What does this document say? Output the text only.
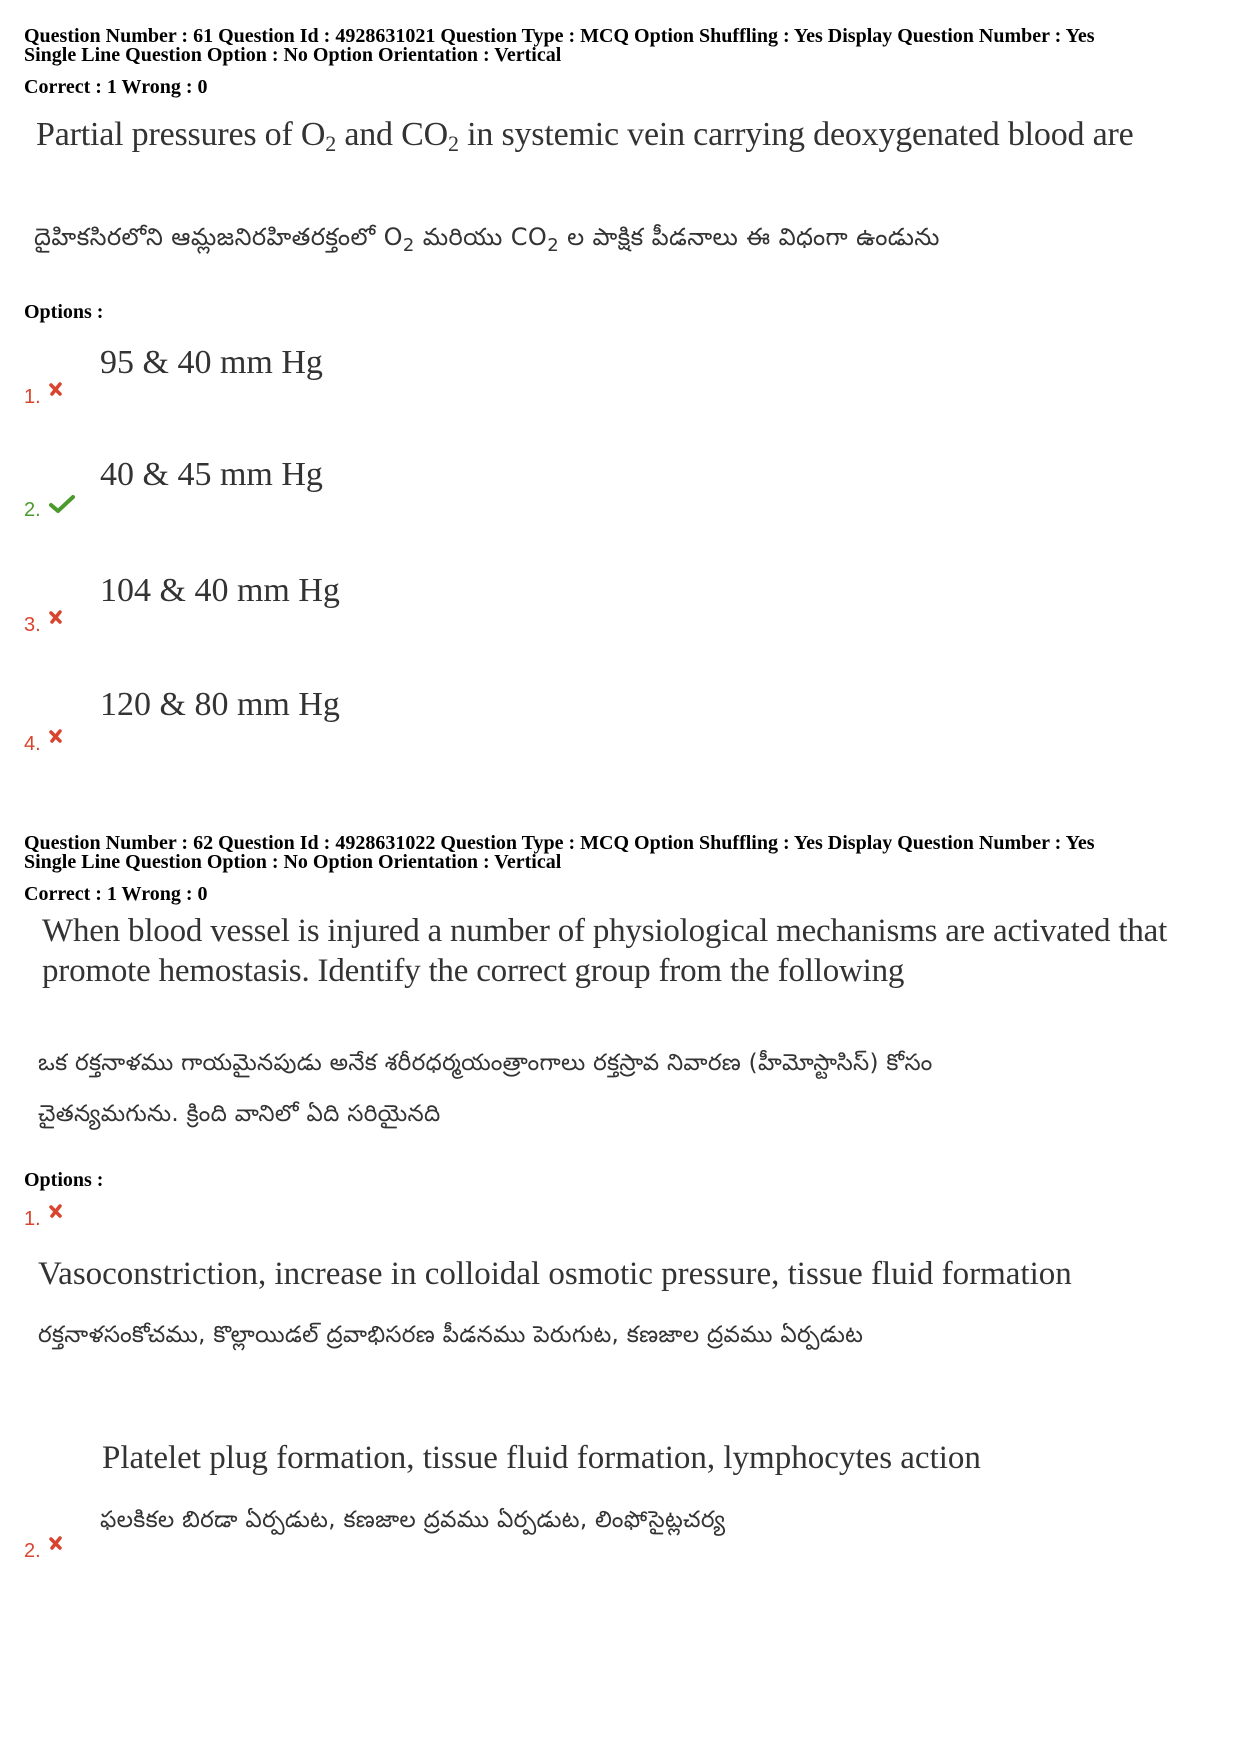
Question Number : 61 Question Id : 4928631021 Question Type : MCQ Option Shuffling : Yes Display Question Number : Yes
Single Line Question Option : No Option Orientation : Vertical
Correct : 1 Wrong : 0
Partial pressures of $O_2$ and $CO_2$ in systemic vein carrying deoxygenated blood are
దైహికసిరలోని ఆమ్లజనిరహితరక్తంలో $O_2$ మరియు $CO_2$ ల పాక్షిక పీడనాలు ఈ విధంగా ఉండును
Options :
95 & 40 mm Hg
1.
40 & 45 mm Hg
2.
104 & 40 mm Hg
3.
120 & 80 mm Hg
4.
Question Number : 62 Question Id : 4928631022 Question Type : MCQ Option Shuffling : Yes Display Question Number : Yes
Single Line Question Option : No Option Orientation : Vertical
Correct : 1 Wrong : 0
When blood vessel is injured a number of physiological mechanisms are activated that
promote hemostasis. Identify the correct group from the following
ఒక రక్తనాళము గాయమైనపుడు అనేక శరీరధర్మయంత్రాంగాలు రక్తస్రావ నివారణ (హీమోస్టాసిస్) కోసం
చైతన్యమగును. క్రింది వానిలో ఏది సరియైనది
Options :
1.
Vasoconstriction, increase in colloidal osmotic pressure, tissue fluid formation
రక్తనాళసంకోచము, కొల్లాయిడల్ ద్రవాభిసరణ పీడనము పెరుగుట, కణజాల ద్రవము ఏర్పడుట
Platelet plug formation, tissue fluid formation, lymphocytes action
ఫలకికల బిరడా ఏర్పడుట, కణజాల ద్రవము ఏర్పడుట, లింఫోసైట్లచర్య
2.
